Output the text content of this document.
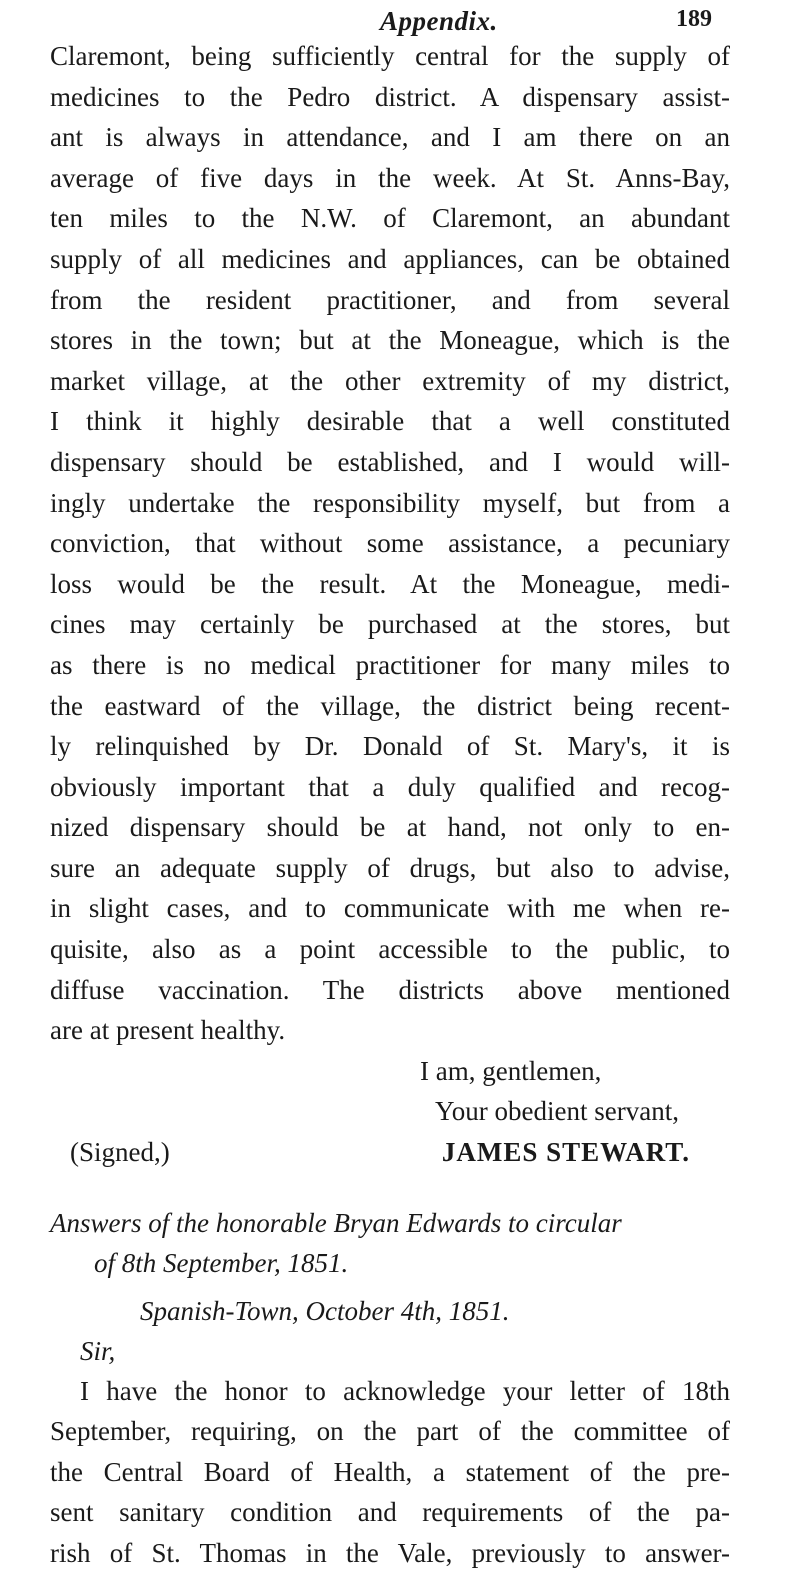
Appendix.	189
Claremont, being sufficiently central for the supply of
medicines to the Pedro district. A dispensary assist-
ant is always in attendance, and I am there on an
average of five days in the week. At St. Anns-Bay,
ten miles to the N.W. of Claremont, an abundant
supply of all medicines and appliances, can be obtained
from the resident practitioner, and from several
stores in the town; but at the Moneague, which is the
market village, at the other extremity of my district,
I think it highly desirable that a well constituted
dispensary should be established, and I would will-
ingly undertake the responsibility myself, but from a
conviction, that without some assistance, a pecuniary
loss would be the result. At the Moneague, medi-
cines may certainly be purchased at the stores, but
as there is no medical practitioner for many miles to
the eastward of the village, the district being recent-
ly relinquished by Dr. Donald of St. Mary's, it is
obviously important that a duly qualified and recog-
nized dispensary should be at hand, not only to en-
sure an adequate supply of drugs, but also to advise,
in slight cases, and to communicate with me when re-
quisite, also as a point accessible to the public, to
diffuse vaccination. The districts above mentioned
are at present healthy.
I am, gentlemen,
Your obedient servant,
(Signed,)	JAMES STEWART.
Answers of the honorable Bryan Edwards to circular
of 8th September, 1851.
Spanish-Town, October 4th, 1851.
Sir,
I have the honor to acknowledge your letter of 18th
September, requiring, on the part of the committee of
the Central Board of Health, a statement of the pre-
sent sanitary condition and requirements of the pa-
rish of St. Thomas in the Vale, previously to answer-
